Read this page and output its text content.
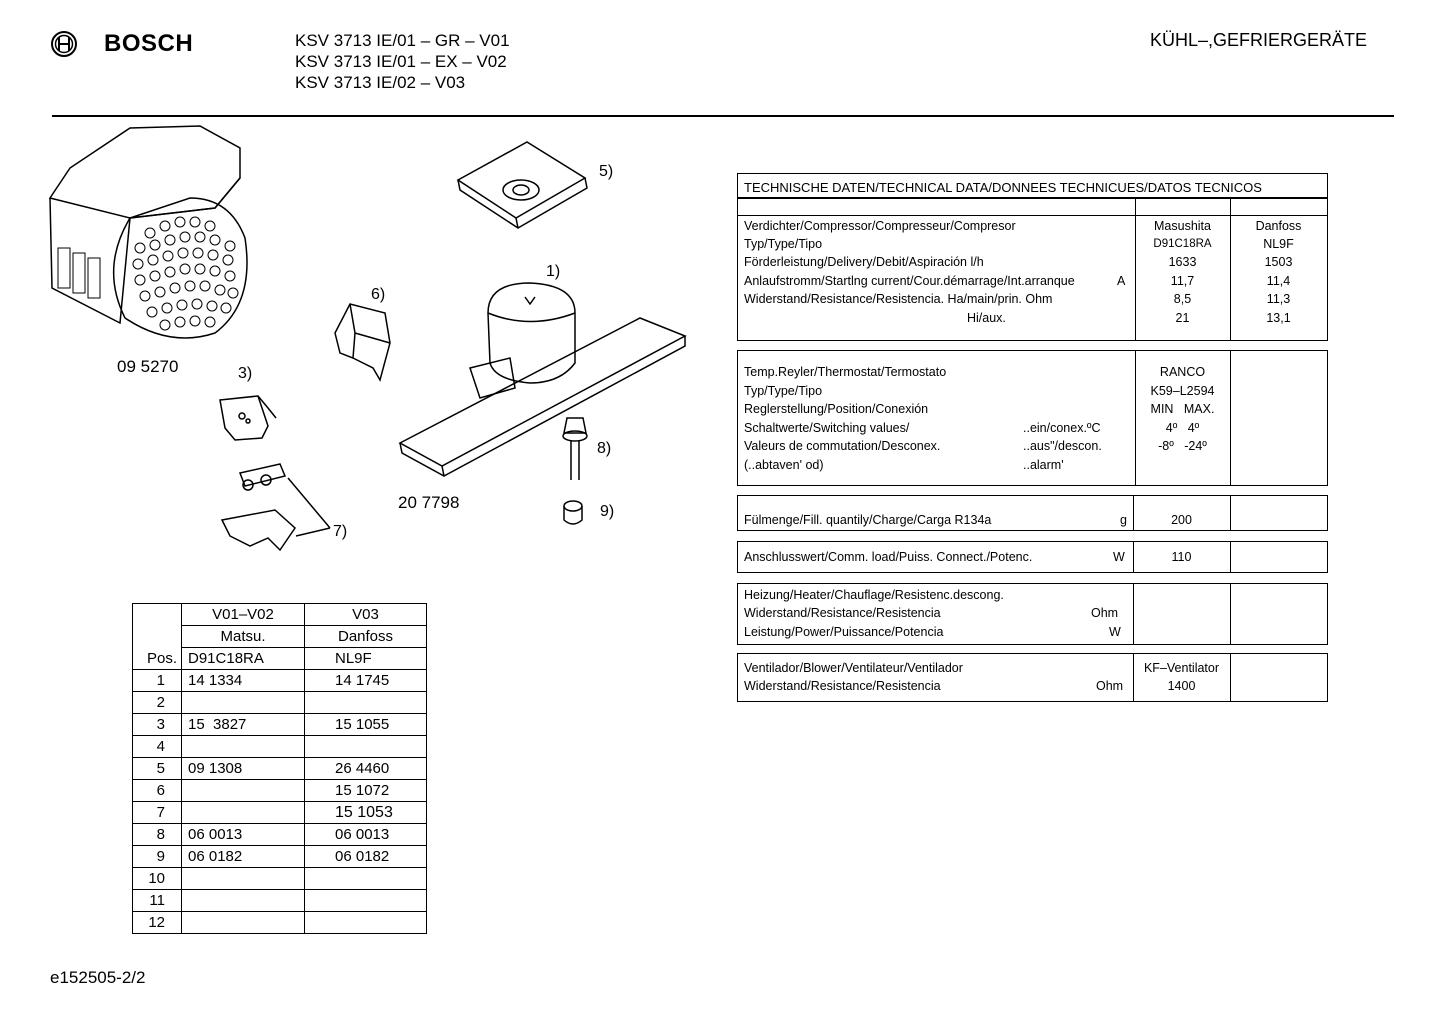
BOSCH	KSV 3713 IE/01 – GR – V01
KSV 3713 IE/01 – EX – V02
KSV 3713 IE/02 – V03
KÜHL–,GEFRIERGERÄTE
5)
1)
6)
3)
8)
9)
7)
09 5270
20 7798
TECHNISCHE DATEN/TECHNICAL DATA/DONNEES TECHNICUES/DATOS TECNICOS
Verdichter/Compressor/Compresseur/Compresor	Masushita	Danfoss
Typ/Type/Tipo	D91C18RA	NL9F
Förderleistung/Delivery/Debit/Aspiración l/h	1633	1503
Anlaufstromm/Startlng current/Cour.démarrage/Int.arranque	A	11,7	11,4
Widerstand/Resistance/Resistencia. Ha/main/prin. Ohm	8,5	11,3
Hi/aux.	21	13,1
Temp.Reyler/Thermostat/Termostato	RANCO
Typ/Type/Tipo	K59–L2594
Reglerstellung/Position/Conexión	MIN   MAX.
Schaltwerte/Switching values/	..ein/conex.ºC	4º   4º
Valeurs de commutation/Desconex.	..aus"/descon.	-8º   -24º
(..abtaven' od)	..alarm'
Fülmenge/Fill. quantily/Charge/Carga R134a	g	200
Anschlusswert/Comm. load/Puiss. Connect./Potenc.	W	110
Heizung/Heater/Chauflage/Resistenc.descong.
Widerstand/Resistance/Resistencia	Ohm
Leistung/Power/Puissance/Potencia	W
Ventilador/Blower/Ventilateur/Ventilador	KF–Ventilator
Widerstand/Resistance/Resistencia	Ohm	1400
Pos.	V01–V02	V03
	Matsu.	Danfoss
	D91C18RA	NL9F
1	14 1334	14 1745
2		
3	15  3827	15 1055
4		
5	09 1308	26 4460
6		15 1072
7		15 1053
8	06 0013	06 0013
9	06 0182	06 0182
10		
11		
12		
e152505-2/2
